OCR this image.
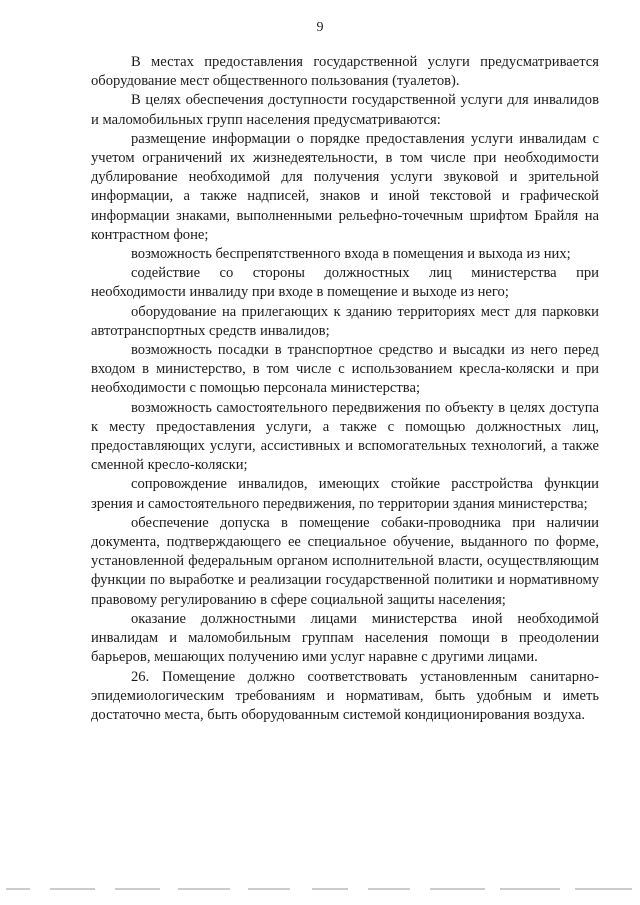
9

В местах предоставления государственной услуги предусматривается оборудование мест общественного пользования (туалетов).

В целях обеспечения доступности государственной услуги для инвалидов и маломобильных групп населения предусматриваются:

размещение информации о порядке предоставления услуги инвалидам с учетом ограничений их жизнедеятельности, в том числе при необходимости дублирование необходимой для получения услуги звуковой и зрительной информации, а также надписей, знаков и иной текстовой и графической информации знаками, выполненными рельефно-точечным шрифтом Брайля на контрастном фоне;

возможность беспрепятственного входа в помещения и выхода из них;

содействие со стороны должностных лиц министерства при необходимости инвалиду при входе в помещение и выходе из него;

оборудование на прилегающих к зданию территориях мест для парковки автотранспортных средств инвалидов;

возможность посадки в транспортное средство и высадки из него перед входом в министерство, в том числе с использованием кресла-коляски и при необходимости с помощью персонала министерства;

возможность самостоятельного передвижения по объекту в целях доступа к месту предоставления услуги, а также с помощью должностных лиц, предоставляющих услуги, ассистивных и вспомогательных технологий, а также сменной кресло-коляски;

сопровождение инвалидов, имеющих стойкие расстройства функции зрения и самостоятельного передвижения, по территории здания министерства;

обеспечение допуска в помещение собаки-проводника при наличии документа, подтверждающего ее специальное обучение, выданного по форме, установленной федеральным органом исполнительной власти, осуществляющим функции по выработке и реализации государственной политики и нормативному правовому регулированию в сфере социальной защиты населения;

оказание должностными лицами министерства иной необходимой инвалидам и маломобильным группам населения помощи в преодолении барьеров, мешающих получению ими услуг наравне с другими лицами.

26. Помещение должно соответствовать установленным санитарно-эпидемиологическим требованиям и нормативам, быть удобным и иметь достаточно места, быть оборудованным системой кондиционирования воздуха.
